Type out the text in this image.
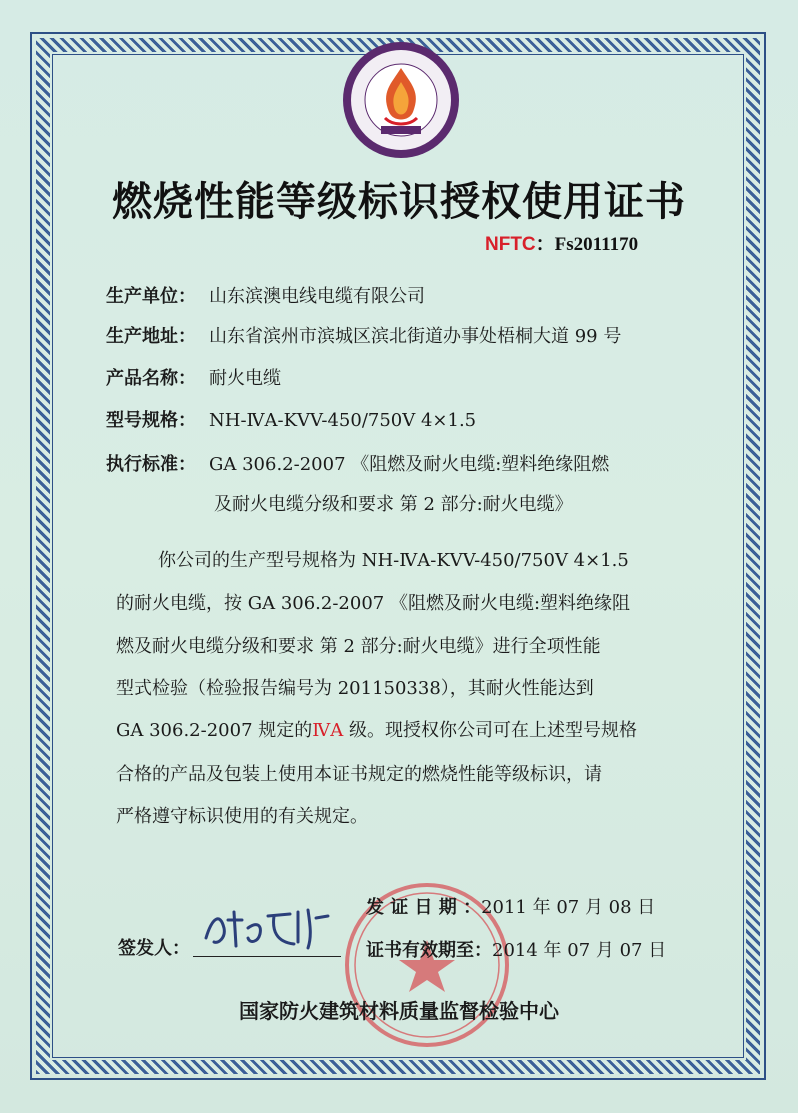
燃烧性能等级标识授权使用证书
NFTC：Fs2011170
生产单位： 山东滨澳电线电缆有限公司
生产地址： 山东省滨州市滨城区滨北街道办事处梧桐大道 99 号
产品名称： 耐火电缆
型号规格： NH-ⅣA-KVV-450/750V 4×1.5
执行标准： GA 306.2-2007 《阻燃及耐火电缆:塑料绝缘阻燃
及耐火电缆分级和要求 第 2 部分:耐火电缆》
你公司的生产型号规格为 NH-ⅣA-KVV-450/750V 4×1.5
的耐火电缆，按 GA 306.2-2007 《阻燃及耐火电缆:塑料绝缘阻
燃及耐火电缆分级和要求 第 2 部分:耐火电缆》进行全项性能
型式检验（检验报告编号为 201150338），其耐火性能达到
GA 306.2-2007 规定的ⅣA 级。现授权你公司可在上述型号规格
合格的产品及包装上使用本证书规定的燃烧性能等级标识，请
严格遵守标识使用的有关规定。
发 证 日 期 ：2011 年 07 月 08 日
证书有效期至：2014 年 07 月 07 日
签发人：
国家防火建筑材料质量监督检验中心
